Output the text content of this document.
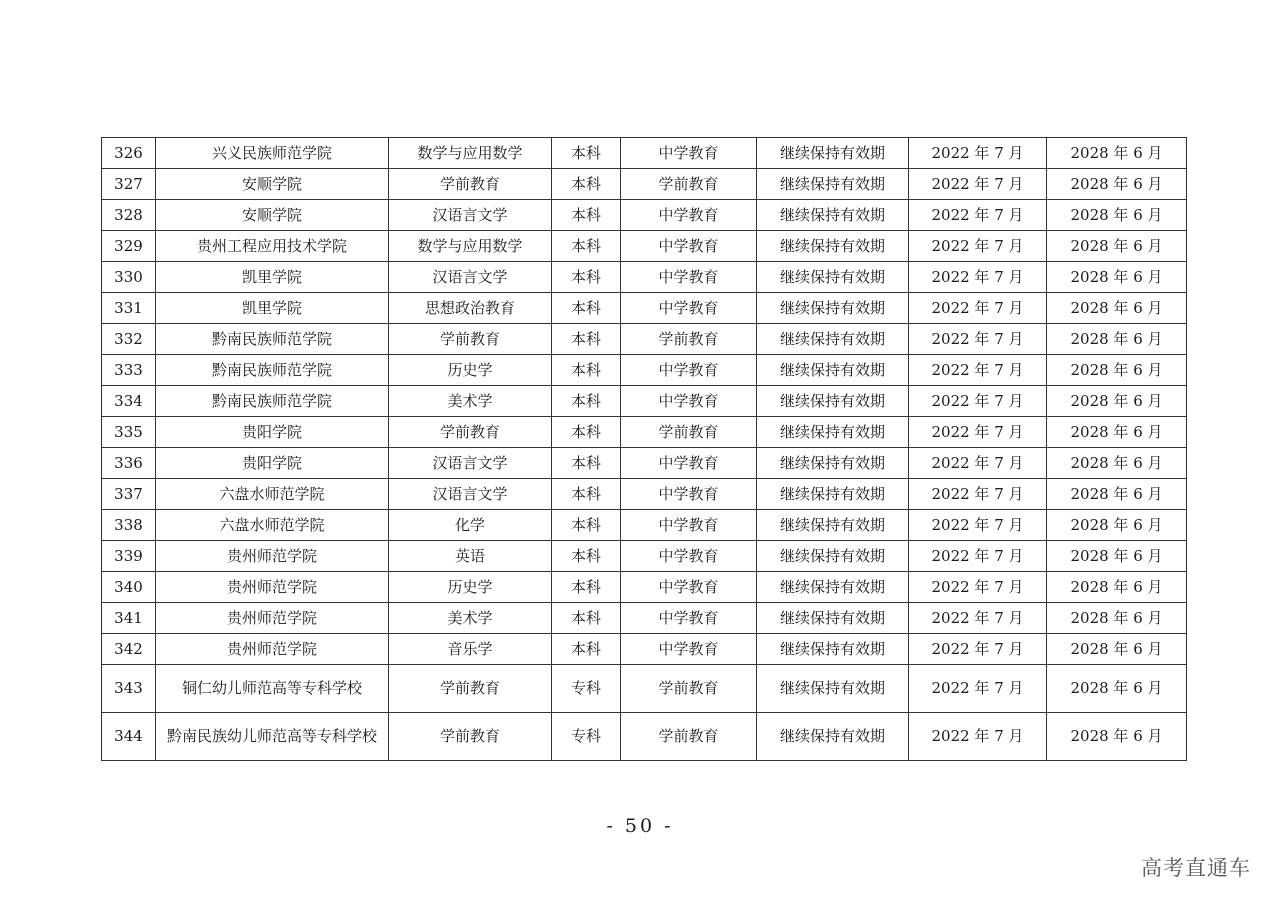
326	兴义民族师范学院	数学与应用数学	本科	中学教育	继续保持有效期	2022 年 7 月	2028 年 6 月
327	安顺学院	学前教育	本科	学前教育	继续保持有效期	2022 年 7 月	2028 年 6 月
328	安顺学院	汉语言文学	本科	中学教育	继续保持有效期	2022 年 7 月	2028 年 6 月
329	贵州工程应用技术学院	数学与应用数学	本科	中学教育	继续保持有效期	2022 年 7 月	2028 年 6 月
330	凯里学院	汉语言文学	本科	中学教育	继续保持有效期	2022 年 7 月	2028 年 6 月
331	凯里学院	思想政治教育	本科	中学教育	继续保持有效期	2022 年 7 月	2028 年 6 月
332	黔南民族师范学院	学前教育	本科	学前教育	继续保持有效期	2022 年 7 月	2028 年 6 月
333	黔南民族师范学院	历史学	本科	中学教育	继续保持有效期	2022 年 7 月	2028 年 6 月
334	黔南民族师范学院	美术学	本科	中学教育	继续保持有效期	2022 年 7 月	2028 年 6 月
335	贵阳学院	学前教育	本科	学前教育	继续保持有效期	2022 年 7 月	2028 年 6 月
336	贵阳学院	汉语言文学	本科	中学教育	继续保持有效期	2022 年 7 月	2028 年 6 月
337	六盘水师范学院	汉语言文学	本科	中学教育	继续保持有效期	2022 年 7 月	2028 年 6 月
338	六盘水师范学院	化学	本科	中学教育	继续保持有效期	2022 年 7 月	2028 年 6 月
339	贵州师范学院	英语	本科	中学教育	继续保持有效期	2022 年 7 月	2028 年 6 月
340	贵州师范学院	历史学	本科	中学教育	继续保持有效期	2022 年 7 月	2028 年 6 月
341	贵州师范学院	美术学	本科	中学教育	继续保持有效期	2022 年 7 月	2028 年 6 月
342	贵州师范学院	音乐学	本科	中学教育	继续保持有效期	2022 年 7 月	2028 年 6 月
343	铜仁幼儿师范高等专科学校	学前教育	专科	学前教育	继续保持有效期	2022 年 7 月	2028 年 6 月
344	黔南民族幼儿师范高等专科学校	学前教育	专科	学前教育	继续保持有效期	2022 年 7 月	2028 年 6 月
- 50 -
高考直通车
